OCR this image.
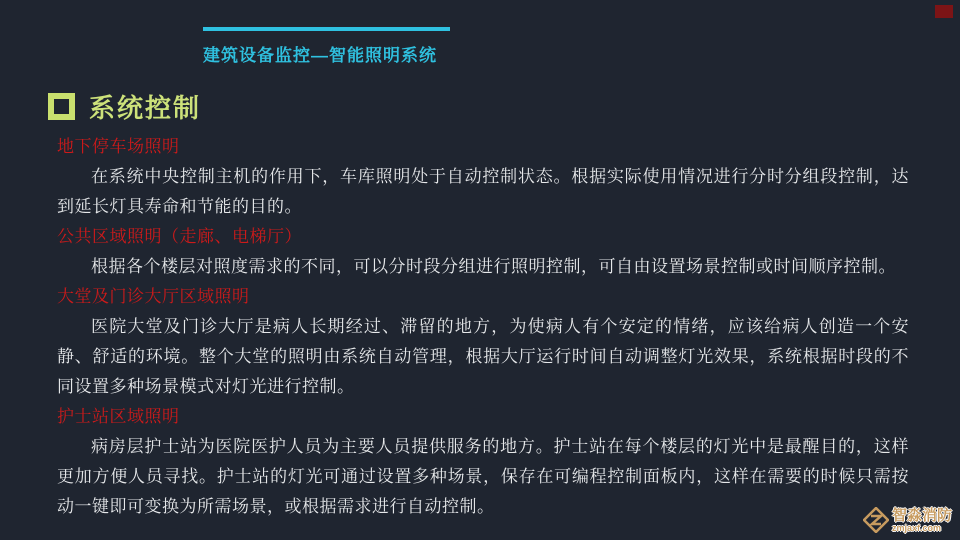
建筑设备监控—智能照明系统
系统控制
地下停车场照明

在系统中央控制主机的作用下，车库照明处于自动控制状态。根据实际使用情况进行分时分组段控制，达到延长灯具寿命和节能的目的。

公共区域照明（走廊、电梯厅）

根据各个楼层对照度需求的不同，可以分时段分组进行照明控制，可自由设置场景控制或时间顺序控制。

大堂及门诊大厅区域照明

医院大堂及门诊大厅是病人长期经过、滞留的地方，为使病人有个安定的情绪，应该给病人创造一个安静、舒适的环境。整个大堂的照明由系统自动管理，根据大厅运行时间自动调整灯光效果，系统根据时段的不同设置多种场景模式对灯光进行控制。

护士站区域照明

病房层护士站为医院医护人员为主要人员提供服务的地方。护士站在每个楼层的灯光中是最醒目的，这样更加方便人员寻找。护士站的灯光可通过设置多种场景，保存在可编程控制面板内，这样在需要的时候只需按动一键即可变换为所需场景，或根据需求进行自动控制。	智淼消防
zmjaxf.com
